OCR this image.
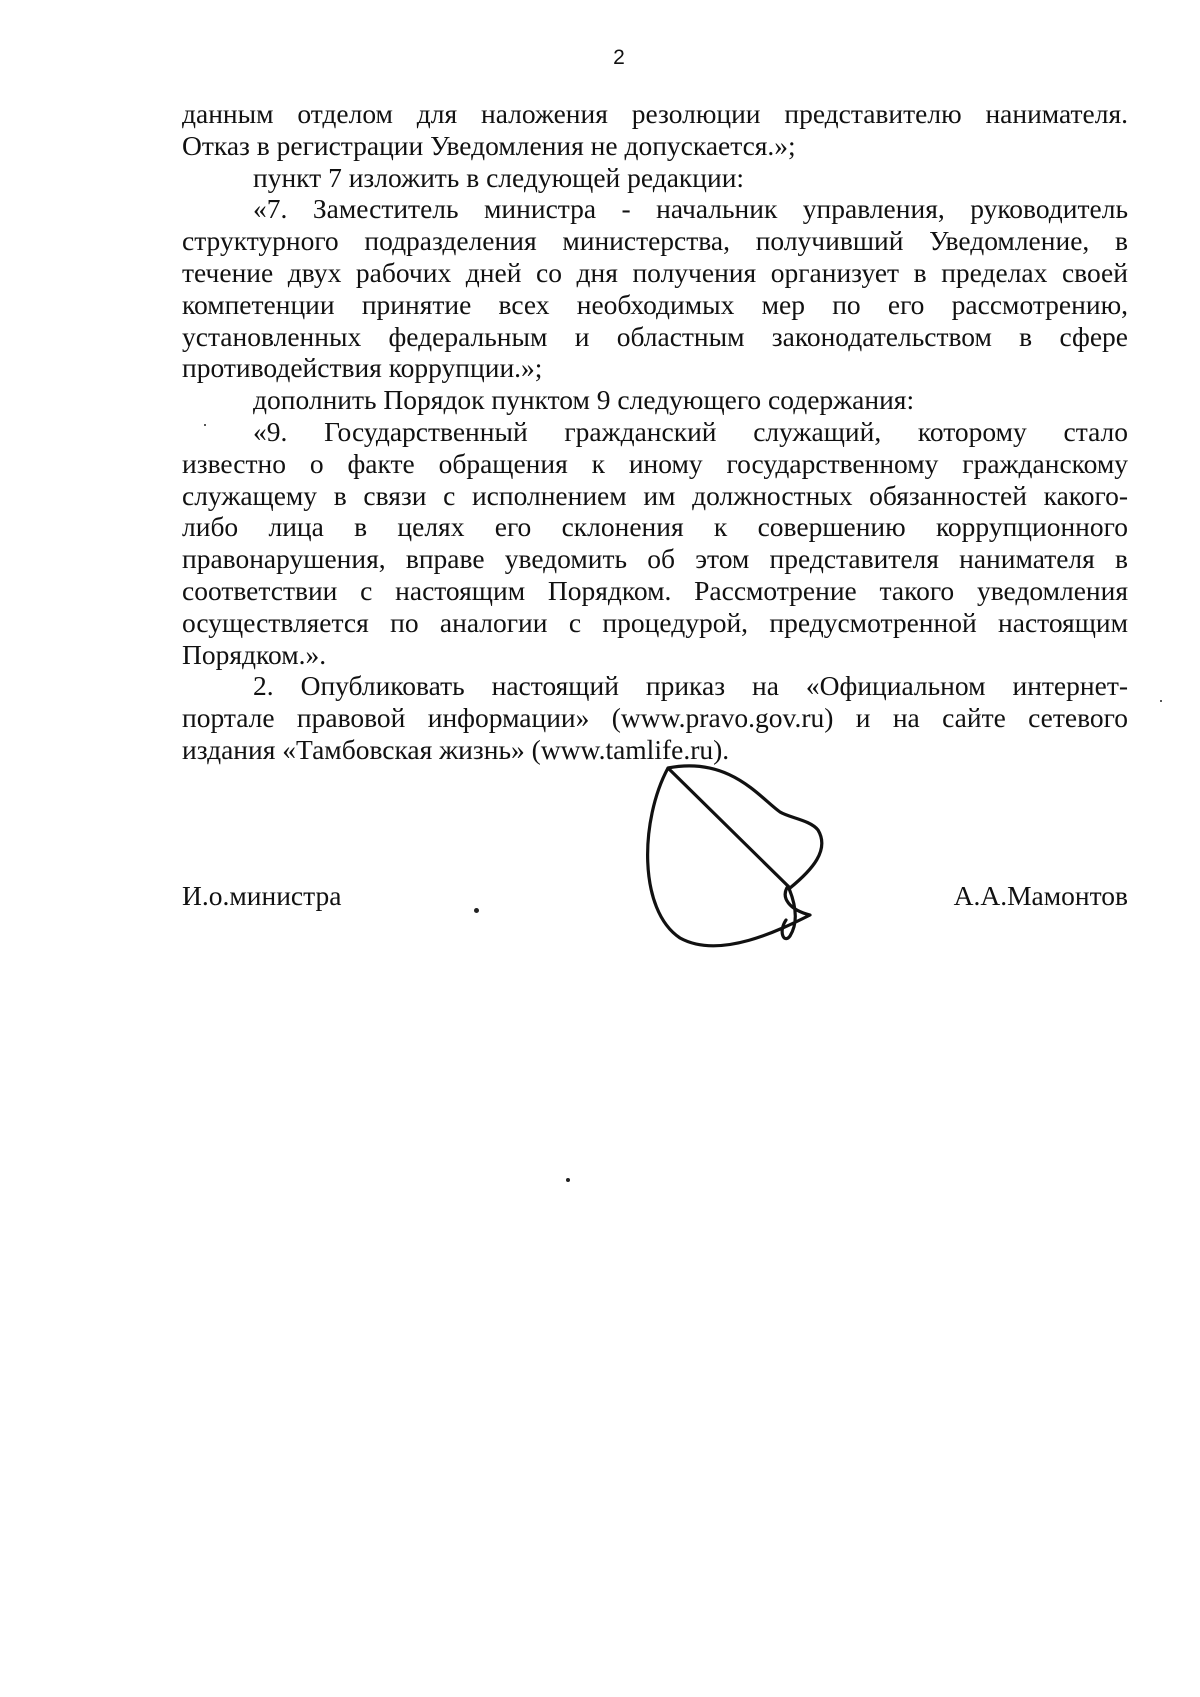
2
данным отделом для наложения резолюции представителю нанимателя.
Отказ в регистрации Уведомления не допускается.»;
пункт 7 изложить в следующей редакции:
«7. Заместитель министра - начальник управления, руководитель
структурного подразделения министерства, получивший Уведомление, в
течение двух рабочих дней со дня получения организует в пределах своей
компетенции принятие всех необходимых мер по его рассмотрению,
установленных федеральным и областным законодательством в сфере
противодействия коррупции.»;
дополнить Порядок пунктом 9 следующего содержания:
«9. Государственный гражданский служащий, которому стало
известно о факте обращения к иному государственному гражданскому
служащему в связи с исполнением им должностных обязанностей какого-
либо лица в целях его склонения к совершению коррупционного
правонарушения, вправе уведомить об этом представителя нанимателя в
соответствии с настоящим Порядком. Рассмотрение такого уведомления
осуществляется по аналогии с процедурой, предусмотренной настоящим
Порядком.».
2. Опубликовать настоящий приказ на «Официальном интернет-
портале правовой информации» (www.pravo.gov.ru) и на сайте сетевого
издания «Тамбовская жизнь» (www.tamlife.ru).
И.о.министра	А.А.Мамонтов
